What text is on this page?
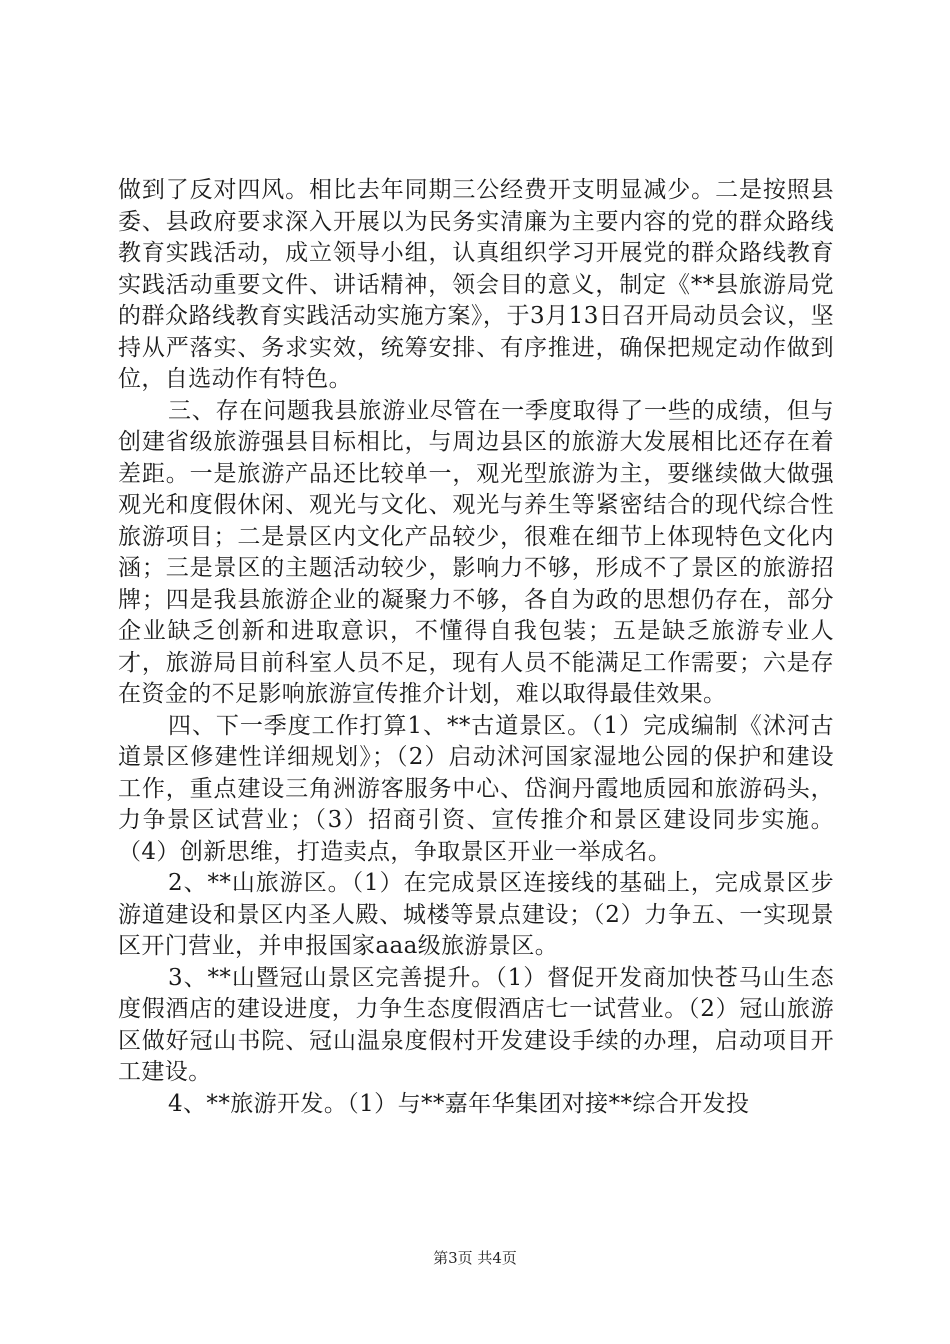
做到了反对四风。相比去年同期三公经费开支明显减少。二是按照县委、县政府要求深入开展以为民务实清廉为主要内容的党的群众路线教育实践活动，成立领导小组，认真组织学习开展党的群众路线教育实践活动重要文件、讲话精神，领会目的意义，制定《**县旅游局党的群众路线教育实践活动实施方案》，于3月13日召开局动员会议，坚持从严落实、务求实效，统筹安排、有序推进，确保把规定动作做到位，自选动作有特色。

三、存在问题我县旅游业尽管在一季度取得了一些的成绩，但与创建省级旅游强县目标相比，与周边县区的旅游大发展相比还存在着差距。一是旅游产品还比较单一，观光型旅游为主，要继续做大做强观光和度假休闲、观光与文化、观光与养生等紧密结合的现代综合性旅游项目；二是景区内文化产品较少，很难在细节上体现特色文化内涵；三是景区的主题活动较少，影响力不够，形成不了景区的旅游招牌；四是我县旅游企业的凝聚力不够，各自为政的思想仍存在，部分企业缺乏创新和进取意识，不懂得自我包装；五是缺乏旅游专业人才，旅游局目前科室人员不足，现有人员不能满足工作需要；六是存在资金的不足影响旅游宣传推介计划，难以取得最佳效果。

四、下一季度工作打算1、**古道景区。（1）完成编制《沭河古道景区修建性详细规划》；（2）启动沭河国家湿地公园的保护和建设工作，重点建设三角洲游客服务中心、岱涧丹霞地质园和旅游码头，力争景区试营业；（3）招商引资、宣传推介和景区建设同步实施。（4）创新思维，打造卖点，争取景区开业一举成名。

2、**山旅游区。（1）在完成景区连接线的基础上，完成景区步游道建设和景区内圣人殿、城楼等景点建设；（2）力争五、一实现景区开门营业，并申报国家aaa级旅游景区。

3、**山暨冠山景区完善提升。（1）督促开发商加快苍马山生态度假酒店的建设进度，力争生态度假酒店七一试营业。（2）冠山旅游区做好冠山书院、冠山温泉度假村开发建设手续的办理，启动项目开工建设。

4、**旅游开发。（1）与**嘉年华集团对接**综合开发投

第3页 共4页
